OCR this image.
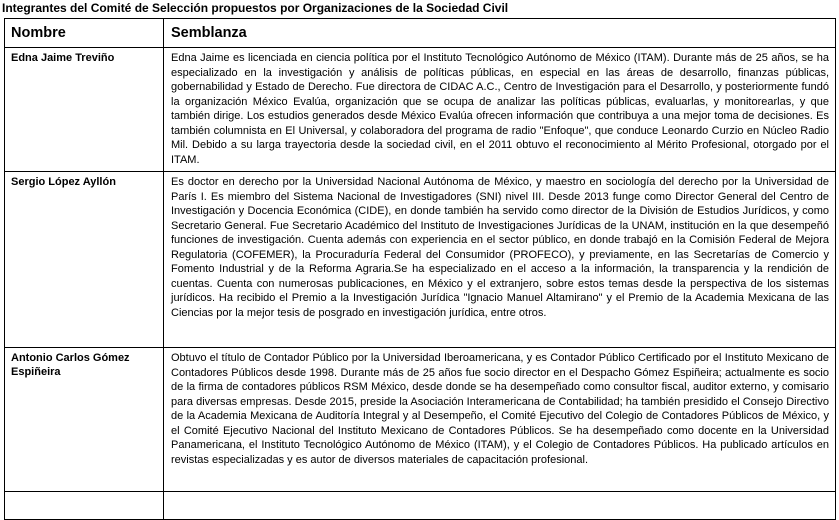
Integrantes del Comité de Selección propuestos por Organizaciones de la Sociedad Civil
Nombre	Semblanza
Edna Jaime Treviño	Edna Jaime es licenciada en ciencia política por el Instituto Tecnológico Autónomo de México (ITAM). Durante más de 25 años, se ha especializado en la investigación y análisis de políticas públicas, en especial en las áreas de desarrollo, finanzas públicas, gobernabilidad y Estado de Derecho. Fue directora de CIDAC A.C., Centro de Investigación para el Desarrollo, y posteriormente fundó la organización México Evalúa, organización que se ocupa de analizar las políticas públicas, evaluarlas, y monitorearlas, y que también dirige. Los estudios generados desde México Evalúa ofrecen información que contribuya a una mejor toma de decisiones. Es también columnista en El Universal, y colaboradora del programa de radio "Enfoque", que conduce Leonardo Curzio en Núcleo Radio Mil. Debido a su larga trayectoria desde la sociedad civil, en el 2011 obtuvo el reconocimiento al Mérito Profesional, otorgado por el ITAM.
Sergio López Ayllón	Es doctor en derecho por la Universidad Nacional Autónoma de México, y maestro en sociología del derecho por la Universidad de París I. Es miembro del Sistema Nacional de Investigadores (SNI) nivel III. Desde 2013 funge como Director General del Centro de Investigación y Docencia Económica (CIDE), en donde también ha servido como director de la División de Estudios Jurídicos, y como Secretario General. Fue Secretario Académico del Instituto de Investigaciones Jurídicas de la UNAM, institución en la que desempeñó funciones de investigación. Cuenta además con experiencia en el sector público, en donde trabajó en la Comisión Federal de Mejora Regulatoria (COFEMER), la Procuraduría Federal del Consumidor (PROFECO), y previamente, en las Secretarías de Comercio y Fomento Industrial y de la Reforma Agraria.Se ha especializado en el acceso a la información, la transparencia y la rendición de cuentas. Cuenta con numerosas publicaciones, en México y el extranjero, sobre estos temas desde la perspectiva de los sistemas jurídicos. Ha recibido el Premio a la Investigación Jurídica "Ignacio Manuel Altamirano" y el Premio de la Academia Mexicana de las Ciencias por la mejor tesis de posgrado en investigación jurídica, entre otros.
Antonio Carlos Gómez Espiñeira	Obtuvo el título de Contador Público por la Universidad Iberoamericana, y es Contador Público Certificado por el Instituto Mexicano de Contadores Públicos desde 1998. Durante más de 25 años fue socio director en el Despacho Gómez Espiñeira; actualmente es socio de la firma de contadores públicos RSM México, desde donde se ha desempeñado como consultor fiscal, auditor externo, y comisario para diversas empresas. Desde 2015, preside la Asociación Interamericana de Contabilidad; ha también presidido el Consejo Directivo de la Academia Mexicana de Auditoría Integral y al Desempeño, el Comité Ejecutivo del Colegio de Contadores Públicos de México, y el Comité Ejecutivo Nacional del Instituto Mexicano de Contadores Públicos. Se ha desempeñado como docente en la Universidad Panamericana, el Instituto Tecnológico Autónomo de México (ITAM), y el Colegio de Contadores Públicos. Ha publicado artículos en revistas especializadas y es autor de diversos materiales de capacitación profesional.
